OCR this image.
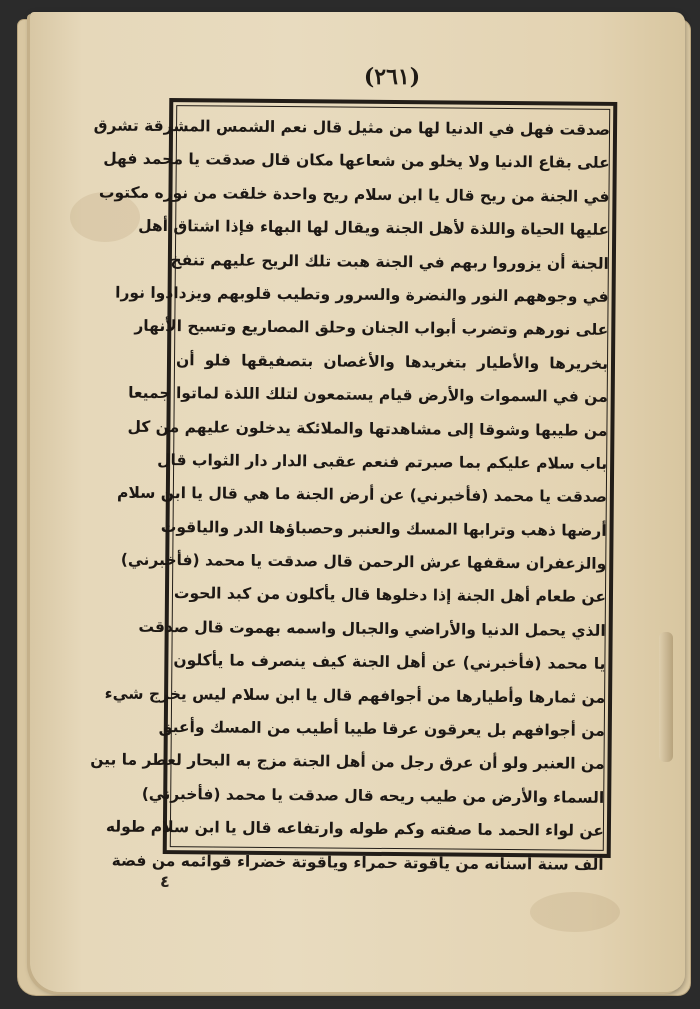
(٢٦١)
صدقت فهل في الدنيا لها من مثيل قال نعم الشمس المشرقة تشرق
على بقاع الدنيا ولا يخلو من شعاعها مكان قال صدقت يا محمد فهل
في الجنة من ريح قال يا ابن سلام ريح واحدة خلقت من نوره مكتوب
عليها الحياة واللذة لأهل الجنة ويقال لها البهاء فإذا اشتاق أهل
الجنة أن يزوروا ربهم في الجنة هبت تلك الريح عليهم تنفخ
في وجوههم النور والنضرة والسرور وتطيب قلوبهم ويزدادوا نورا
على نورهم وتضرب أبواب الجنان وحلق المصاريع وتسبح الأنهار
بخريرها والأطيار بتغريدها والأغصان بتصفيقها فلو أن
من في السموات والأرض قيام يستمعون لتلك اللذة لماتوا جميعا
من طيبها وشوقا إلى مشاهدتها والملائكة يدخلون عليهم من كل
باب سلام عليكم بما صبرتم فنعم عقبى الدار دار الثواب قال
صدقت يا محمد (فأخبرني) عن أرض الجنة ما هي قال يا ابن سلام
أرضها ذهب وترابها المسك والعنبر وحصباؤها الدر والياقوت
والزعفران سقفها عرش الرحمن قال صدقت يا محمد (فأخبرني)
عن طعام أهل الجنة إذا دخلوها قال يأكلون من كبد الحوت
الذي يحمل الدنيا والأراضي والجبال واسمه بهموت قال صدقت
يا محمد (فأخبرني) عن أهل الجنة كيف ينصرف ما يأكلون
من ثمارها وأطيارها من أجوافهم قال يا ابن سلام ليس يخرج شيء
من أجوافهم بل يعرقون عرقا طيبا أطيب من المسك وأعبق
من العنبر ولو أن عرق رجل من أهل الجنة مزج به البحار لعطر ما بين
السماء والأرض من طيب ريحه قال صدقت يا محمد (فأخبرني)
عن لواء الحمد ما صفته وكم طوله وارتفاعه قال يا ابن سلام طوله
ألف سنة أسنانه من ياقوتة حمراء وياقوتة خضراء قوائمه من فضة
٤
